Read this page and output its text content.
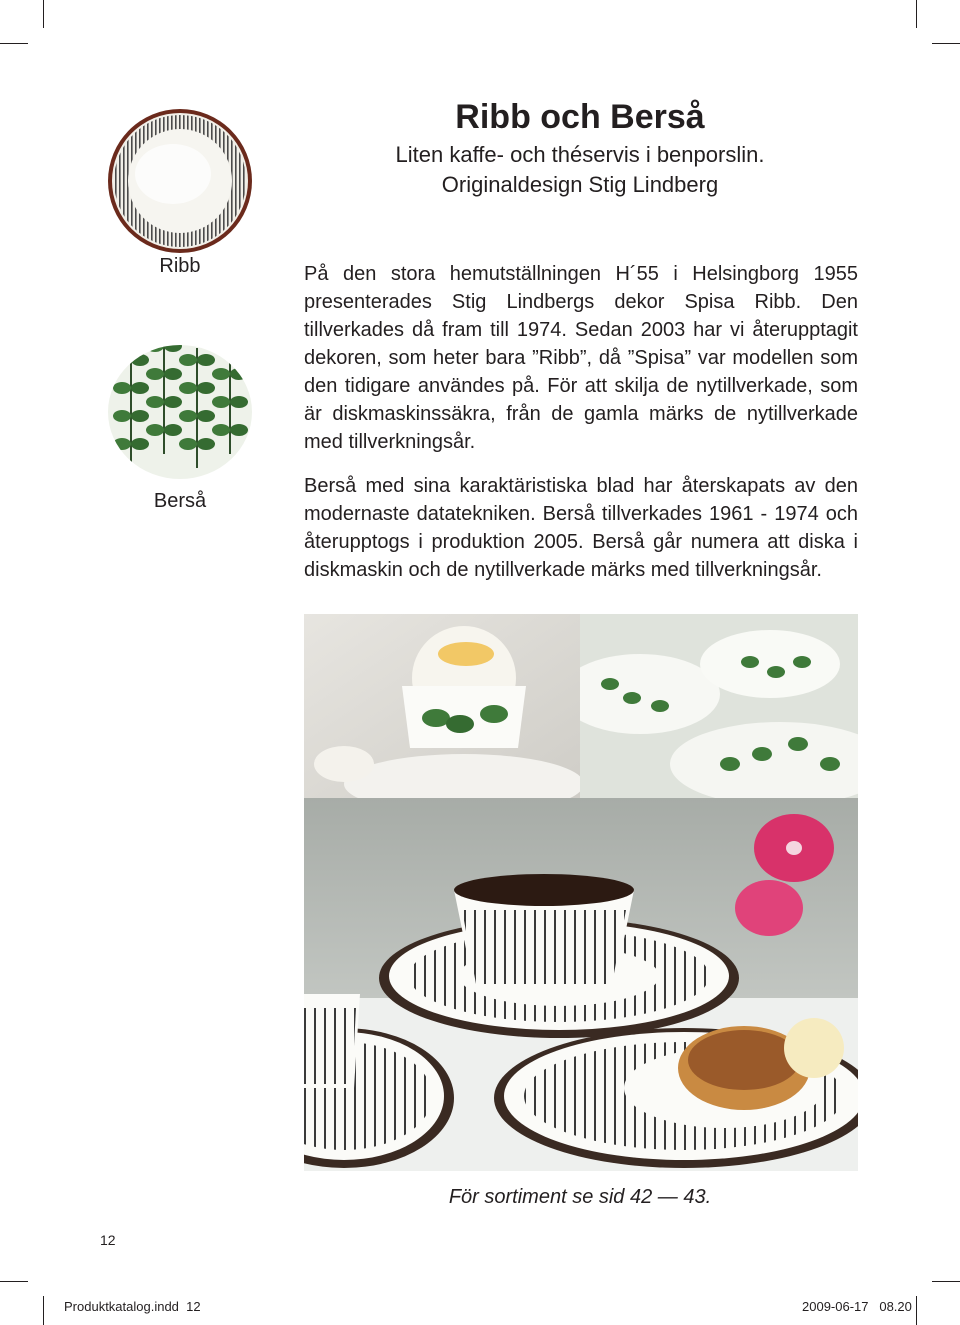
Ribb och Berså

Liten kaffe- och théservis i benporslin.

Originaldesign Stig Lindberg

Ribb
Berså

På den stora hemutställningen H´55 i Helsingborg 1955 presenterades Stig Lindbergs dekor Spisa Ribb. Den tillverkades då fram till 1974. Sedan 2003 har vi återupptagit dekoren, som heter bara ”Ribb”, då ”Spisa” var modellen som den tidigare användes på. För att skilja de nytillverkade, som är diskmaskinssäkra, från de gamla märks de nytillverkade med tillverkningsår.

Berså med sina karaktäristiska blad har återskapats av den modernaste datatekniken. Berså tillverkades 1961 - 1974 och återupptogs i produktion 2005. Berså går numera att diska i diskmaskin och de nytillverkade märks med tillverkningsår.

För sortiment se sid 42 — 43.
12
Produktkatalog.indd 12	2009-06-17 08.20
